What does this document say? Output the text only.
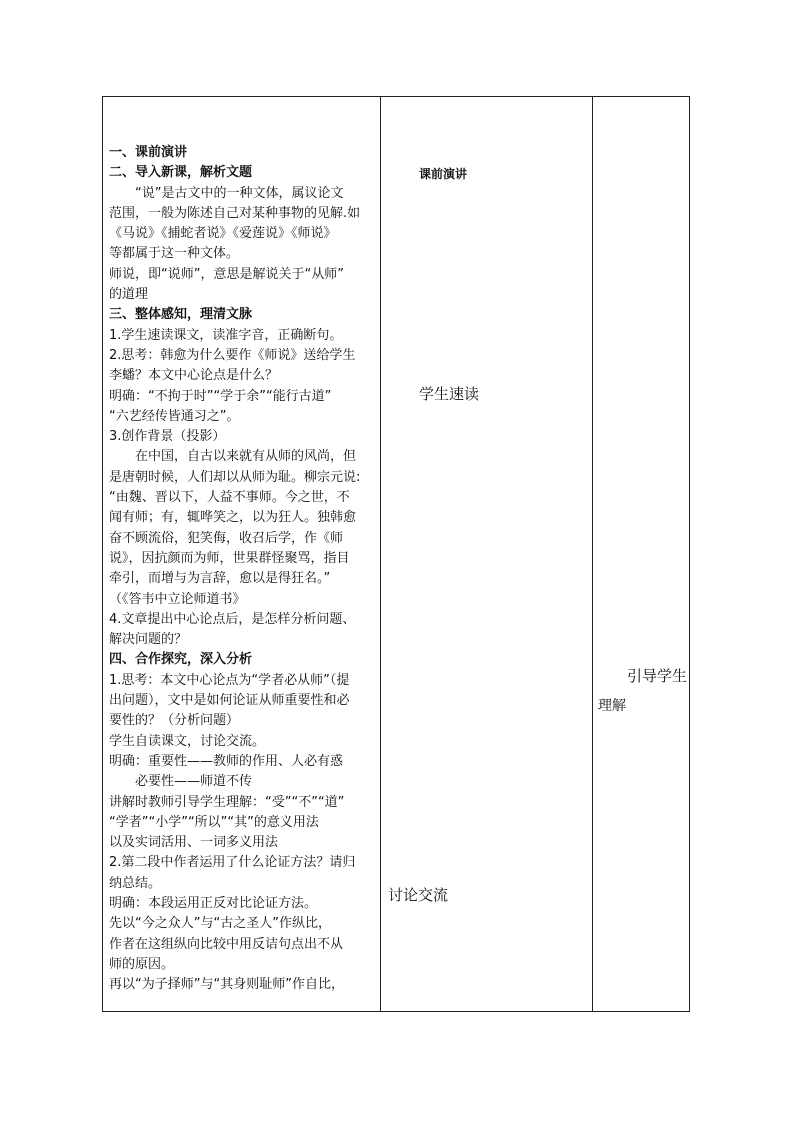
一、课前演讲
二、导入新课，解析文题
“说”是古文中的一种文体，属议论文
范围，一般为陈述自己对某种事物的见解.如
《马说》《捕蛇者说》《爱莲说》《师说》
等都属于这一种文体。
师说，即“说师”，意思是解说关于“从师”
的道理
三、整体感知，理清文脉
1.学生速读课文，读准字音，正确断句。
2.思考：韩愈为什么要作《师说》送给学生
李蟠？本文中心论点是什么？
明确：“不拘于时”“学于余”“能行古道”
“六艺经传皆通习之”。
3.创作背景（投影）
在中国，自古以来就有从师的风尚，但
是唐朝时候，人们却以从师为耻。柳宗元说:
“由魏、晋以下，人益不事师。今之世，不
闻有师；有，辄哗笑之，以为狂人。独韩愈
奋不顾流俗，犯笑侮，收召后学，作《师
说》，因抗颜而为师，世果群怪聚骂，指目
牵引，而增与为言辞，愈以是得狂名。”
（《答韦中立论师道书》
4.文章提出中心论点后，是怎样分析问题、
解决问题的？
四、合作探究，深入分析
1.思考：本文中心论点为“学者必从师”（提
出问题），文中是如何论证从师重要性和必
要性的？（分析问题）
学生自读课文，讨论交流。
明确：重要性——教师的作用、人必有惑
必要性——师道不传
讲解时教师引导学生理解：“受”“不”“道”
“学者”“小学”“所以”“其”的意义用法
以及实词活用、一词多义用法
2.第二段中作者运用了什么论证方法？请归
纳总结。
明确：本段运用正反对比论证方法。
先以“今之众人”与“古之圣人”作纵比，
作者在这组纵向比较中用反诘句点出不从
师的原因。
再以“为子择师”与“其身则耻师”作自比，
课前演讲
学生速读
讨论交流
引导学生
理解
